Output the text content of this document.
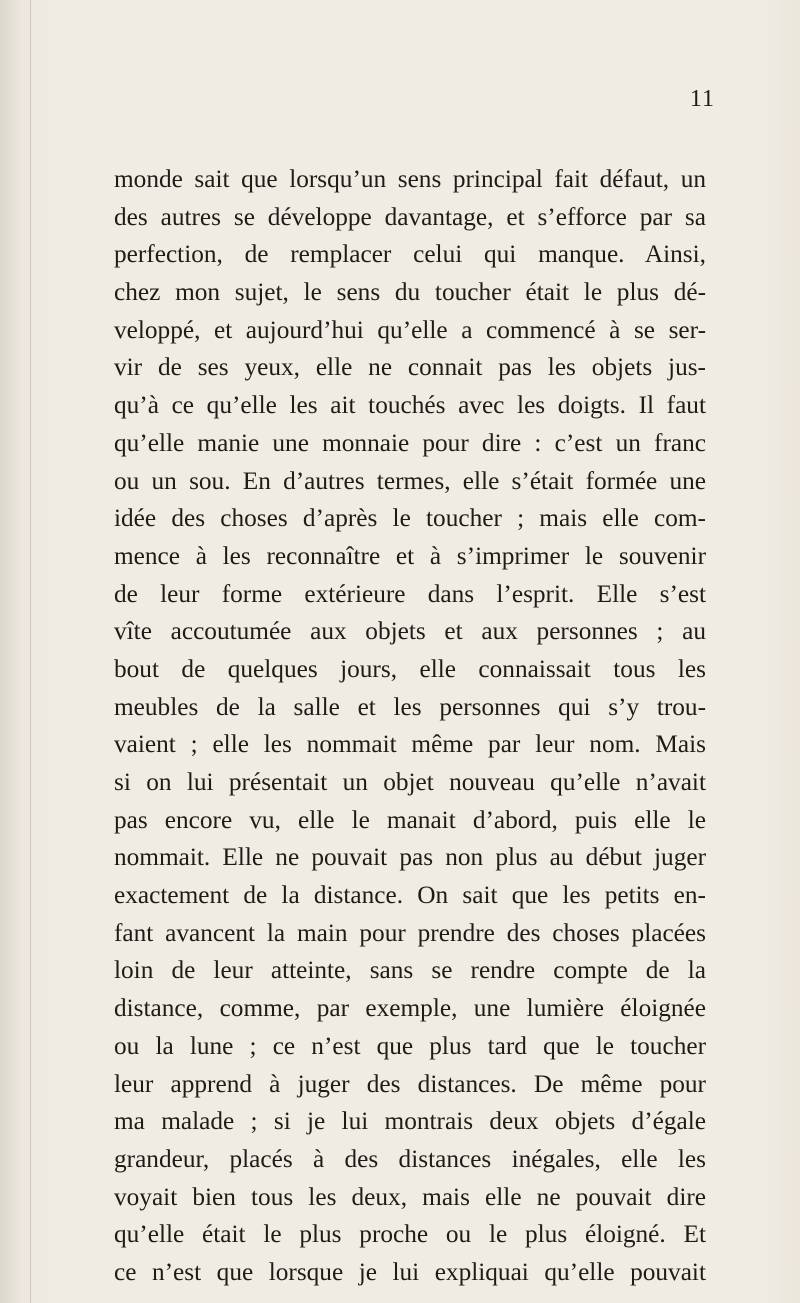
11
monde sait que lorsqu’un sens principal fait défaut, un
des autres se développe davantage, et s’efforce par sa
perfection, de remplacer celui qui manque. Ainsi,
chez mon sujet, le sens du toucher était le plus dé-
veloppé, et aujourd’hui qu’elle a commencé à se ser-
vir de ses yeux, elle ne connait pas les objets jus-
qu’à ce qu’elle les ait touchés avec les doigts. Il faut
qu’elle manie une monnaie pour dire : c’est un franc
ou un sou. En d’autres termes, elle s’était formée une
idée des choses d’après le toucher ; mais elle com-
mence à les reconnaître et à s’imprimer le souvenir
de leur forme extérieure dans l’esprit. Elle s’est
vîte accoutumée aux objets et aux personnes ; au
bout de quelques jours, elle connaissait tous les
meubles de la salle et les personnes qui s’y trou-
vaient ; elle les nommait même par leur nom. Mais
si on lui présentait un objet nouveau qu’elle n’avait
pas encore vu, elle le manait d’abord, puis elle le
nommait. Elle ne pouvait pas non plus au début juger
exactement de la distance. On sait que les petits en-
fant avancent la main pour prendre des choses placées
loin de leur atteinte, sans se rendre compte de la
distance, comme, par exemple, une lumière éloignée
ou la lune ; ce n’est que plus tard que le toucher
leur apprend à juger des distances. De même pour
ma malade ; si je lui montrais deux objets d’égale
grandeur, placés à des distances inégales, elle les
voyait bien tous les deux, mais elle ne pouvait dire
qu’elle était le plus proche ou le plus éloigné. Et
ce n’est que lorsque je lui expliquai qu’elle pouvait
